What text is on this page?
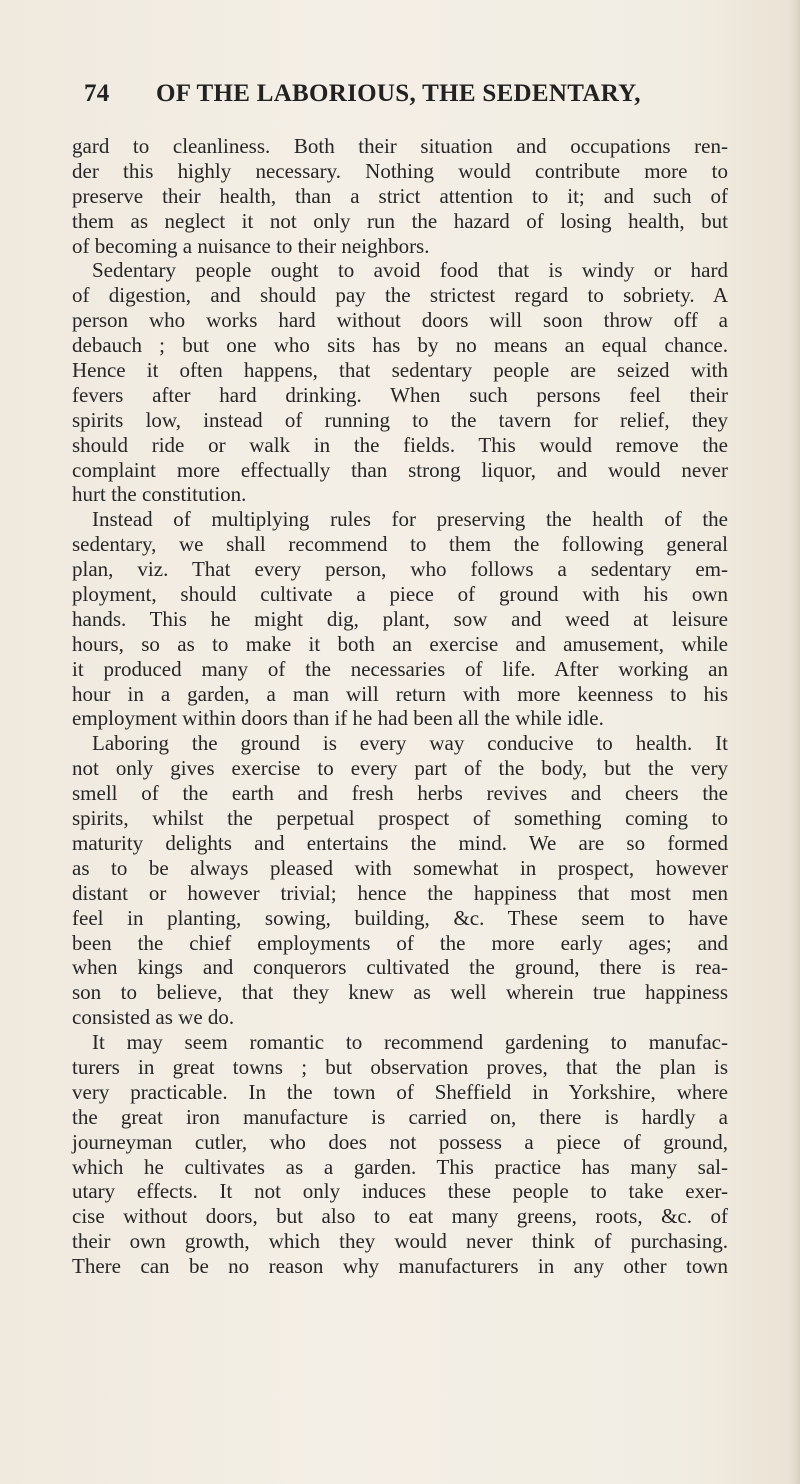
74 OF THE LABORIOUS, THE SEDENTARY,
gard to cleanliness. Both their situation and occupations ren-
der this highly necessary. Nothing would contribute more to
preserve their health, than a strict attention to it; and such of
them as neglect it not only run the hazard of losing health, but
of becoming a nuisance to their neighbors.
Sedentary people ought to avoid food that is windy or hard
of digestion, and should pay the strictest regard to sobriety. A
person who works hard without doors will soon throw off a
debauch ; but one who sits has by no means an equal chance.
Hence it often happens, that sedentary people are seized with
fevers after hard drinking. When such persons feel their
spirits low, instead of running to the tavern for relief, they
should ride or walk in the fields. This would remove the
complaint more effectually than strong liquor, and would never
hurt the constitution.
Instead of multiplying rules for preserving the health of the
sedentary, we shall recommend to them the following general
plan, viz. That every person, who follows a sedentary em-
ployment, should cultivate a piece of ground with his own
hands. This he might dig, plant, sow and weed at leisure
hours, so as to make it both an exercise and amusement, while
it produced many of the necessaries of life. After working an
hour in a garden, a man will return with more keenness to his
employment within doors than if he had been all the while idle.
Laboring the ground is every way conducive to health. It
not only gives exercise to every part of the body, but the very
smell of the earth and fresh herbs revives and cheers the
spirits, whilst the perpetual prospect of something coming to
maturity delights and entertains the mind. We are so formed
as to be always pleased with somewhat in prospect, however
distant or however trivial; hence the happiness that most men
feel in planting, sowing, building, &c. These seem to have
been the chief employments of the more early ages; and
when kings and conquerors cultivated the ground, there is rea-
son to believe, that they knew as well wherein true happiness
consisted as we do.
It may seem romantic to recommend gardening to manufac-
turers in great towns ; but observation proves, that the plan is
very practicable. In the town of Sheffield in Yorkshire, where
the great iron manufacture is carried on, there is hardly a
journeyman cutler, who does not possess a piece of ground,
which he cultivates as a garden. This practice has many sal-
utary effects. It not only induces these people to take exer-
cise without doors, but also to eat many greens, roots, &c. of
their own growth, which they would never think of purchasing.
There can be no reason why manufacturers in any other town
